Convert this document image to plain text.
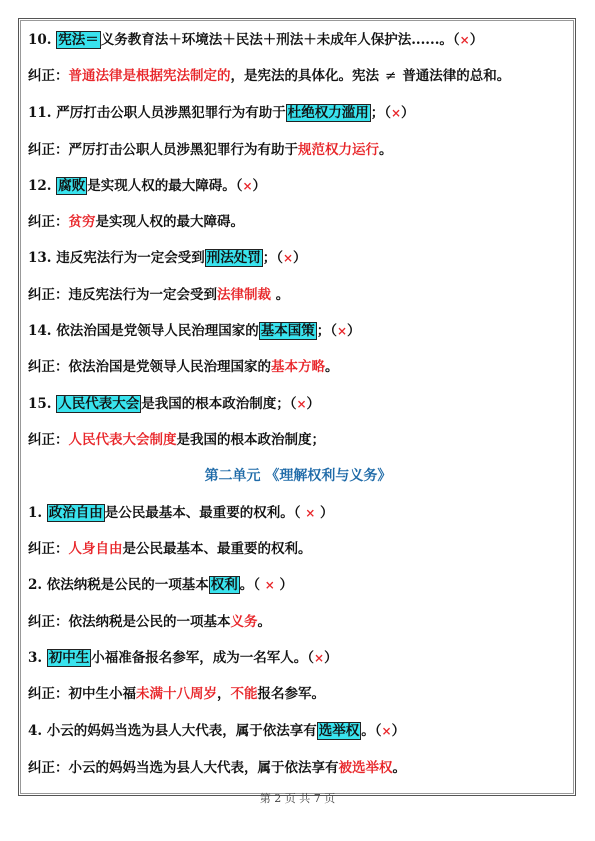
10. 宪法＝ 义务教育法＋环境法＋民法＋刑法＋未成年人保护法......。（×）
纠正：普通法律是根据宪法制定的，是宪法的具体化。宪法 ≠ 普通法律的总和。
11. 严厉打击公职人员涉黑犯罪行为有助于 杜绝权力滥用 ；（×）
纠正：严厉打击公职人员涉黑犯罪行为有助于规范权力运行。
12. 腐败 是实现人权的最大障碍。（×）
纠正：贫穷是实现人权的最大障碍。
13. 违反宪法行为一定会受到 刑法处罚 ；（×）
纠正：违反宪法行为一定会受到法律制裁 。
14. 依法治国是党领导人民治理国家的 基本国策 ；（×）
纠正：依法治国是党领导人民治理国家的基本方略。
15. 人民代表大会 是我国的根本政治制度；（×）
纠正：人民代表大会制度是我国的根本政治制度；
第二单元 《理解权利与义务》
1. 政治自由 是公民最基本、最重要的权利。（ × ）
纠正：人身自由是公民最基本、最重要的权利。
2. 依法纳税是公民的一项基本 权利 。（ × ）
纠正：依法纳税是公民的一项基本义务。
3. 初中生 小福准备报名参军，成为一名军人。（×）
纠正：初中生小福未满十八周岁，不能报名参军。
4. 小云的妈妈当选为县人大代表，属于依法享有 选举权 。（×）
纠正：小云的妈妈当选为县人大代表，属于依法享有被选举权。
第 2 页 共 7 页
